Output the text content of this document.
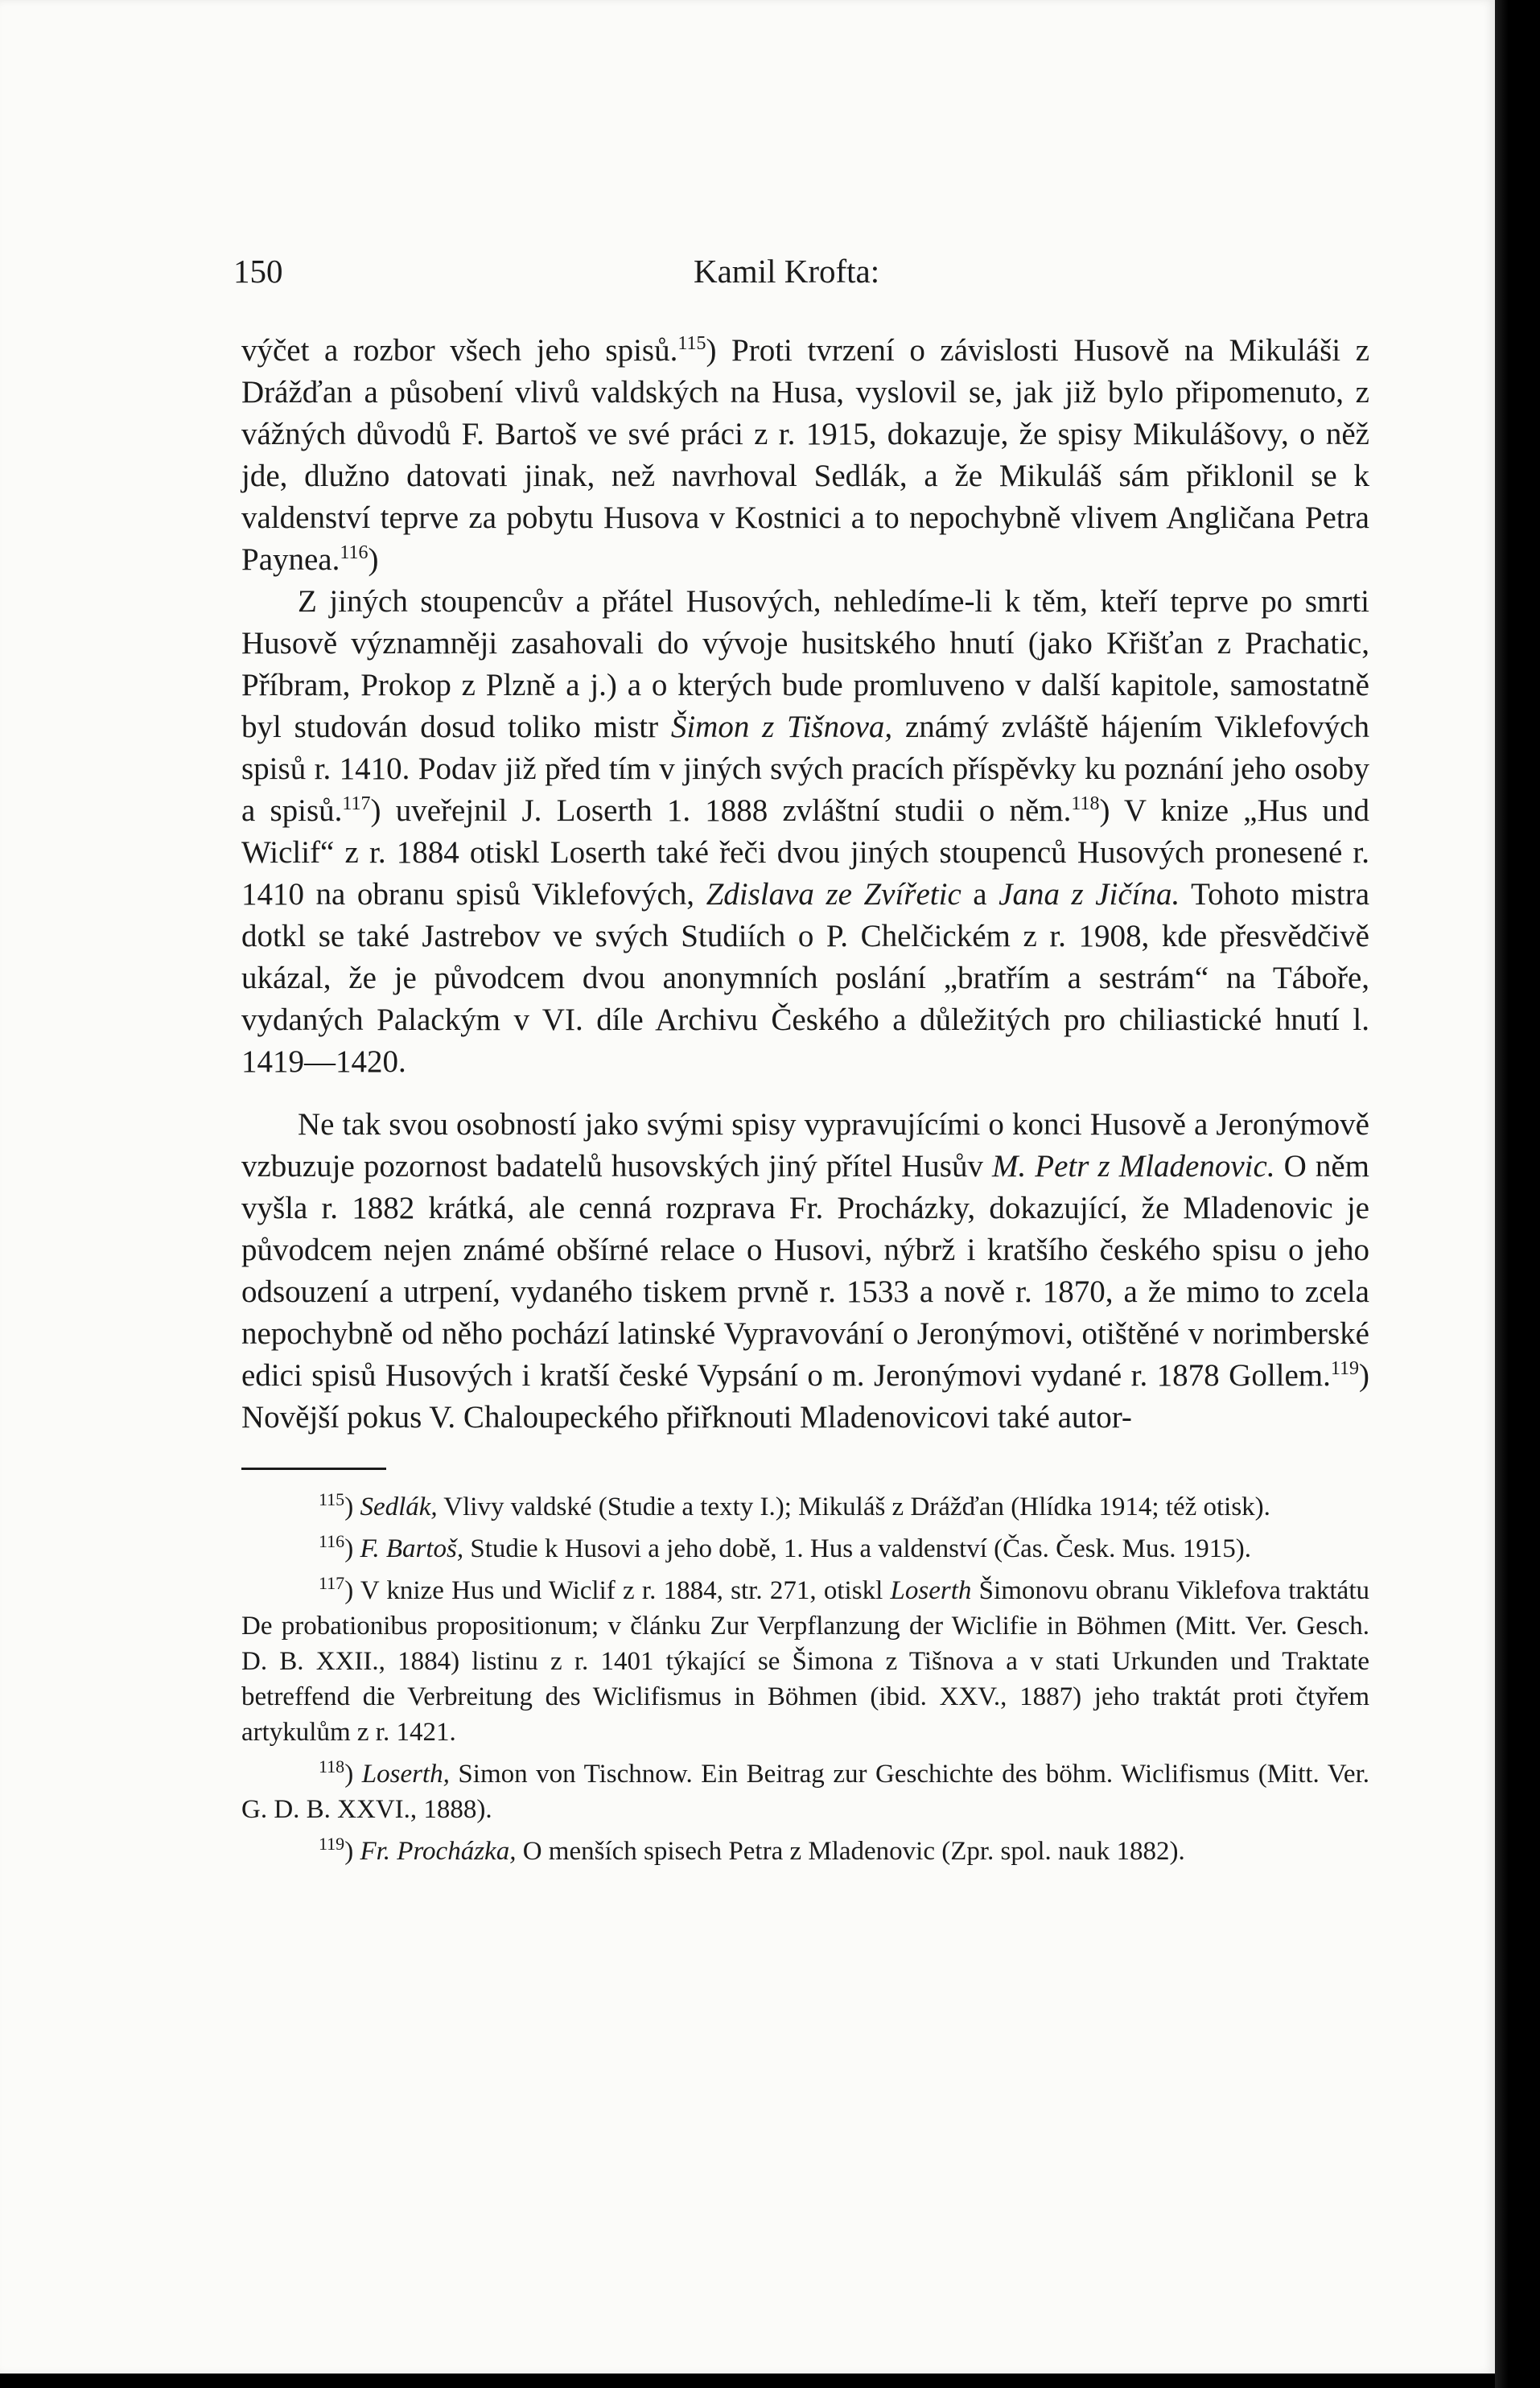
150	Kamil Krofta:

výčet a rozbor všech jeho spisů.$^{115}$) Proti tvrzení o závislosti Husově na Mikuláši z Drážďan a působení vlivů valdských na Husa, vyslovil se, jak již bylo připomenuto, z vážných důvodů F. Bartoš ve své práci z r. 1915, dokazuje, že spisy Mikulášovy, o něž jde, dlužno datovati jinak, než navrhoval Sedlák, a že Mikuláš sám přiklonil se k valdenství teprve za pobytu Husova v Kostnici a to nepochybně vlivem Angličana Petra Paynea.$^{116}$)

Z jiných stoupencův a přátel Husových, nehledíme-li k těm, kteří teprve po smrti Husově významněji zasahovali do vývoje husitského hnutí (jako Křišťan z Prachatic, Příbram, Prokop z Plzně a j.) a o kterých bude promluveno v další kapitole, samostatně byl studován dosud toliko mistr Šimon z Tišnova, známý zvláště hájením Viklefových spisů r. 1410. Podav již před tím v jiných svých pracích příspěvky ku poznání jeho osoby a spisů.$^{117}$) uveřejnil J. Loserth 1. 1888 zvláštní studii o něm.$^{118}$) V knize „Hus und Wiclif“ z r. 1884 otiskl Loserth také řeči dvou jiných stoupenců Husových pronesené r. 1410 na obranu spisů Viklefových, Zdislava ze Zvířetic a Jana z Jičína. Tohoto mistra dotkl se také Jastrebov ve svých Studiích o P. Chelčickém z r. 1908, kde přesvědčivě ukázal, že je původcem dvou anonymních poslání „bratřím a sestrám“ na Táboře, vydaných Palackým v VI. díle Archivu Českého a důležitých pro chiliastické hnutí l. 1419—1420.

Ne tak svou osobností jako svými spisy vypravujícími o konci Husově a Jeronýmově vzbuzuje pozornost badatelů husovských jiný přítel Husův M. Petr z Mladenovic. O něm vyšla r. 1882 krátká, ale cenná rozprava Fr. Procházky, dokazující, že Mladenovic je původcem nejen známé obšírné relace o Husovi, nýbrž i kratšího českého spisu o jeho odsouzení a utrpení, vydaného tiskem prvně r. 1533 a nově r. 1870, a že mimo to zcela nepochybně od něho pochází latinské Vypravování o Jeronýmovi, otištěné v norimberské edici spisů Husových i kratší české Vypsání o m. Jeronýmovi vydané r. 1878 Gollem.$^{119}$) Novější pokus V. Chaloupeckého přiřknouti Mladenovicovi také autor-

$^{115}$) Sedlák, Vlivy valdské (Studie a texty I.); Mikuláš z Drážďan (Hlídka 1914; též otisk).

$^{116}$) F. Bartoš, Studie k Husovi a jeho době, 1. Hus a valdenství (Čas. Česk. Mus. 1915).

$^{117}$) V knize Hus und Wiclif z r. 1884, str. 271, otiskl Loserth Šimonovu obranu Viklefova traktátu De probationibus propositionum; v článku Zur Verpflanzung der Wiclifie in Böhmen (Mitt. Ver. Gesch. D. B. XXII., 1884) listinu z r. 1401 týkající se Šimona z Tišnova a v stati Urkunden und Traktate betreffend die Verbreitung des Wiclifismus in Böhmen (ibid. XXV., 1887) jeho traktát proti čtyřem artykulům z r. 1421.

$^{118}$) Loserth, Simon von Tischnow. Ein Beitrag zur Geschichte des böhm. Wiclifismus (Mitt. Ver. G. D. B. XXVI., 1888).

$^{119}$) Fr. Procházka, O menších spisech Petra z Mladenovic (Zpr. spol. nauk 1882).
